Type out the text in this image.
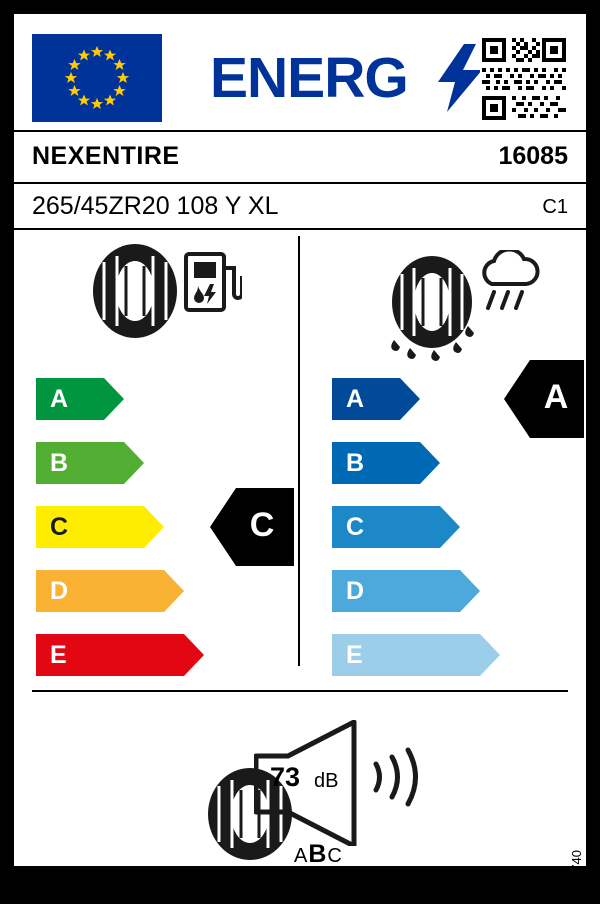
ENERG
NEXENTIRE	16085
265/45ZR20 108 Y XL	C1
A
B
C
D
E
C
A
B
C
D
E
A
73 dB
ABC	2020/740
